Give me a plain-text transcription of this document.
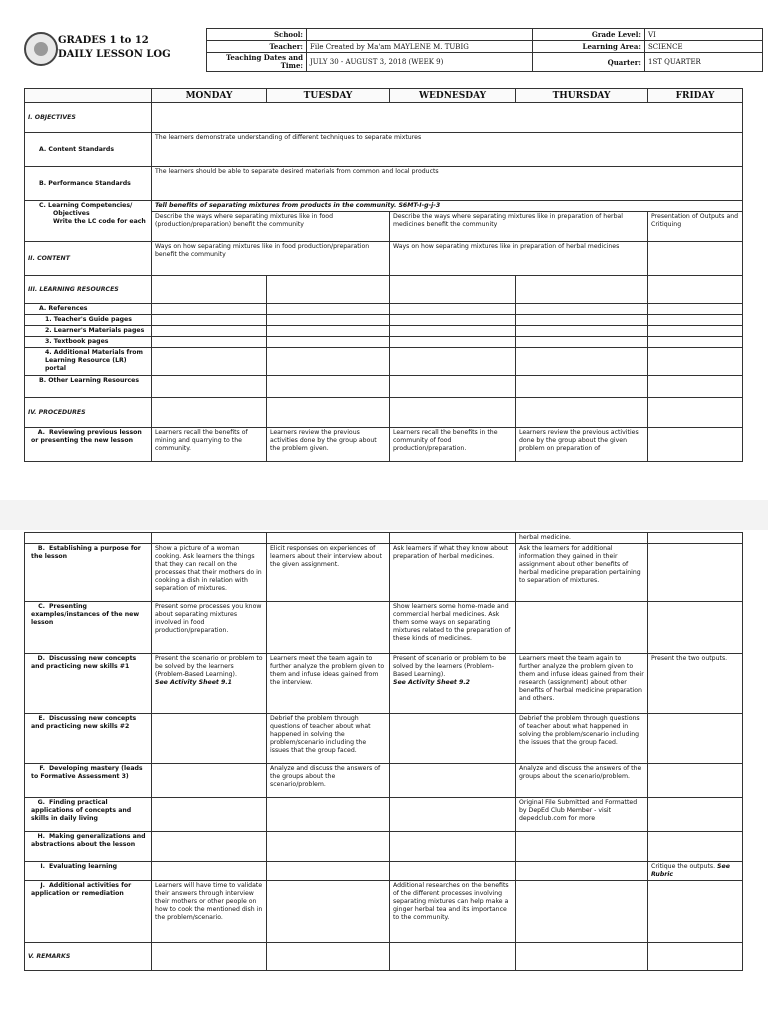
GRADES 1 to 12
DAILY LESSON LOG
School:		Grade Level:	VI
Teacher:	File Created by Ma'am MAYLENE M. TUBIG	Learning Area:	SCIENCE

Teaching Dates and
Time:	JULY 30 - AUGUST 3, 2018 (WEEK 9)	Quarter:	1ST QUARTER
	MONDAY	TUESDAY	WEDNESDAY	THURSDAY	FRIDAY
I. OBJECTIVES					
A. Content Standards	The learners demonstrate understanding of different techniques to separate mixtures				
B. Performance Standards	The learners should be able to separate desired materials from common and local products				

C. Learning Competencies/
Objectives
Write the LC code for each	Tell benefits of separating mixtures from products in the community. S6MT-I-g-j-3				
	Describe the ways where separating mixtures like in food (production/preparation) benefit the community		Describe the ways where separating mixtures like in preparation of herbal medicines benefit the community		Presentation of Outputs and Critiquing
II. CONTENT	Ways on how separating mixtures like in food production/preparation benefit the community		Ways on how separating mixtures like in preparation of herbal medicines		
III. LEARNING RESOURCES					
A. References					
1. Teacher's Guide pages					
2. Learner's Materials pages					
3. Textbook pages					
4. Additional Materials from Learning Resource (LR) portal					
B. Other Learning Resources					
IV. PROCEDURES					
A. Reviewing previous lesson or presenting the new lesson	Learners recall the benefits of mining and quarrying to the community.	Learners review the previous activities done by the group about the problem given.	Learners recall the benefits in the community of food production/preparation.	Learners review the previous activities done by the group about the given problem on preparation of	
				herbal medicine.	
B. Establishing a purpose for the lesson	Show a picture of a woman cooking. Ask learners the things that they can recall on the processes that their mothers do in cooking a dish in relation with separation of mixtures.	Elicit responses on experiences of learners about their interview about the given assignment.	Ask learners if what they know about preparation of herbal medicines.	Ask the learners for additional information they gained in their assignment about other benefits of herbal medicine preparation pertaining to separation of mixtures.	
C. Presenting examples/instances of the new lesson	Present some processes you know about separating mixtures involved in food production/preparation.		Show learners some home-made and commercial herbal medicines. Ask them some ways on separating mixtures related to the preparation of these kinds of medicines.		
D. Discussing new concepts and practicing new skills #1	Present the scenario or problem to be solved by the learners (Problem-Based Learning).
See Activity Sheet 9.1	Learners meet the team again to further analyze the problem given to them and infuse ideas gained from the interview.	Present of scenario or problem to be solved by the learners (Problem-Based Learning).
See Activity Sheet 9.2	Learners meet the team again to further analyze the problem given to them and infuse ideas gained from their research (assignment) about other benefits of herbal medicine preparation and others.	Present the two outputs.
E. Discussing new concepts and practicing new skills #2		Debrief the problem through questions of teacher about what happened in solving the problem/scenario including the issues that the group faced.		Debrief the problem through questions of teacher about what happened in solving the problem/scenario including the issues that the group faced.	
F. Developing mastery (leads to Formative Assessment 3)		Analyze and discuss the answers of the groups about the scenario/problem.		Analyze and discuss the answers of the groups about the scenario/problem.	
G. Finding practical applications of concepts and skills in daily living				Original File Submitted and Formatted by DepEd Club Member - visit depedclub.com for more	
H. Making generalizations and abstractions about the lesson					
I. Evaluating learning					Critique the outputs. See Rubric
J. Additional activities for application or remediation	Learners will have time to validate their answers through interview their mothers or other people on how to cook the mentioned dish in the problem/scenario.		Additional researches on the benefits of the different processes involving separating mixtures can help make a ginger herbal tea and its importance to the community.		
V. REMARKS					
